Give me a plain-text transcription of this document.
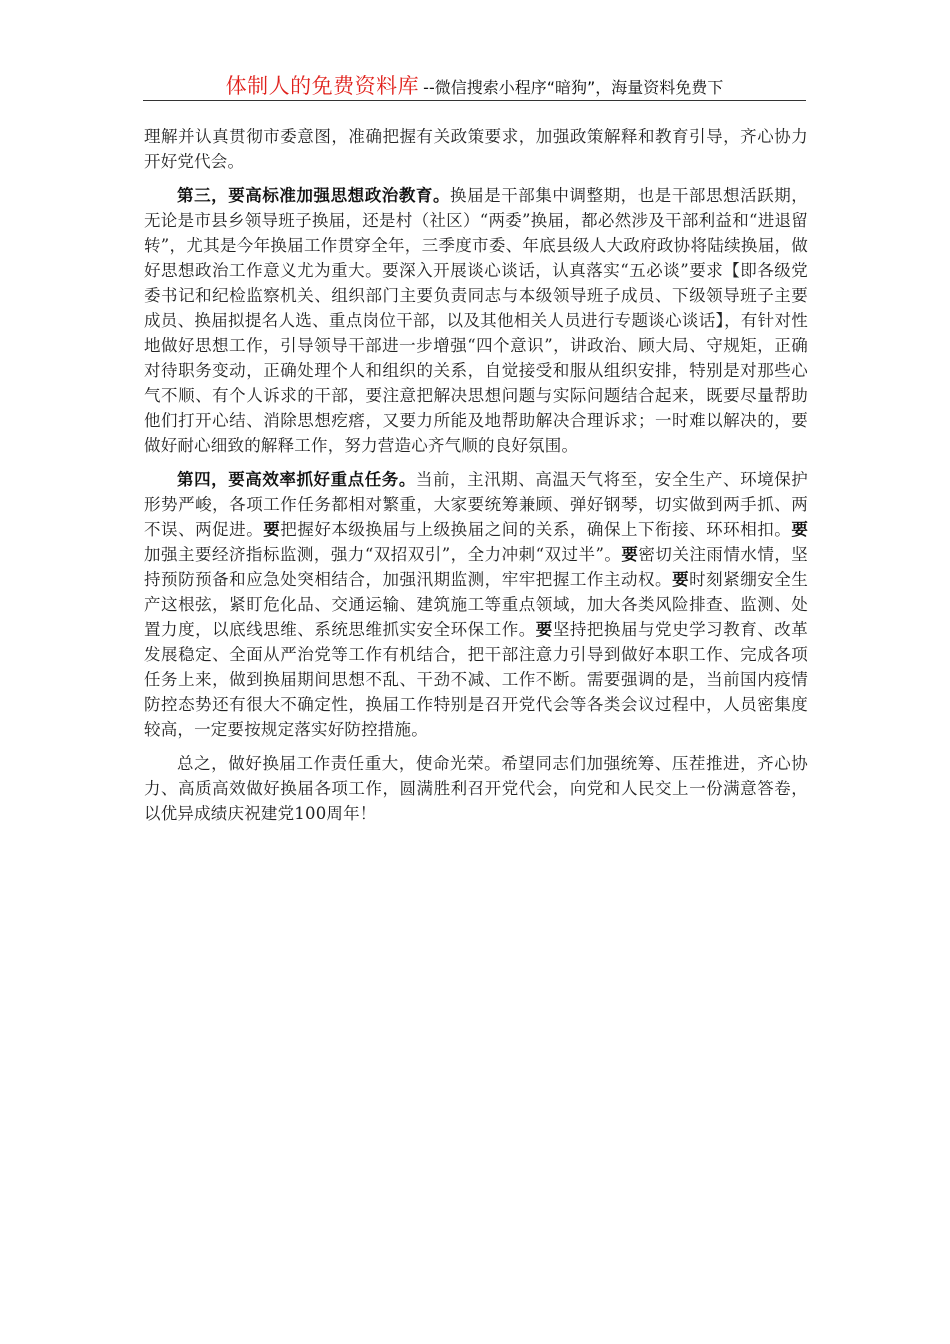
体制人的免费资料库 --微信搜索小程序“暗狗”，海量资料免费下

理解并认真贯彻市委意图，准确把握有关政策要求，加强政策解释和教育引导，齐心协力开好党代会。

第三，要高标准加强思想政治教育。换届是干部集中调整期，也是干部思想活跃期，无论是市县乡领导班子换届，还是村（社区）“两委”换届，都必然涉及干部利益和“进退留转”，尤其是今年换届工作贯穿全年，三季度市委、年底县级人大政府政协将陆续换届，做好思想政治工作意义尤为重大。要深入开展谈心谈话，认真落实“五必谈”要求【即各级党委书记和纪检监察机关、组织部门主要负责同志与本级领导班子成员、下级领导班子主要成员、换届拟提名人选、重点岗位干部，以及其他相关人员进行专题谈心谈话】，有针对性地做好思想工作，引导领导干部进一步增强“四个意识”，讲政治、顾大局、守规矩，正确对待职务变动，正确处理个人和组织的关系，自觉接受和服从组织安排，特别是对那些心气不顺、有个人诉求的干部，要注意把解决思想问题与实际问题结合起来，既要尽量帮助他们打开心结、消除思想疙瘩，又要力所能及地帮助解决合理诉求；一时难以解决的，要做好耐心细致的解释工作，努力营造心齐气顺的良好氛围。

第四，要高效率抓好重点任务。当前，主汛期、高温天气将至，安全生产、环境保护形势严峻，各项工作任务都相对繁重，大家要统筹兼顾、弹好钢琴，切实做到两手抓、两不误、两促进。要把握好本级换届与上级换届之间的关系，确保上下衔接、环环相扣。要加强主要经济指标监测，强力“双招双引”，全力冲刺“双过半”。要密切关注雨情水情，坚持预防预备和应急处突相结合，加强汛期监测，牢牢把握工作主动权。要时刻紧绷安全生产这根弦，紧盯危化品、交通运输、建筑施工等重点领域，加大各类风险排查、监测、处置力度，以底线思维、系统思维抓实安全环保工作。要坚持把换届与党史学习教育、改革发展稳定、全面从严治党等工作有机结合，把干部注意力引导到做好本职工作、完成各项任务上来，做到换届期间思想不乱、干劲不减、工作不断。需要强调的是，当前国内疫情防控态势还有很大不确定性，换届工作特别是召开党代会等各类会议过程中，人员密集度较高，一定要按规定落实好防控措施。

总之，做好换届工作责任重大，使命光荣。希望同志们加强统筹、压茬推进，齐心协力、高质高效做好换届各项工作，圆满胜利召开党代会，向党和人民交上一份满意答卷，以优异成绩庆祝建党100周年！
